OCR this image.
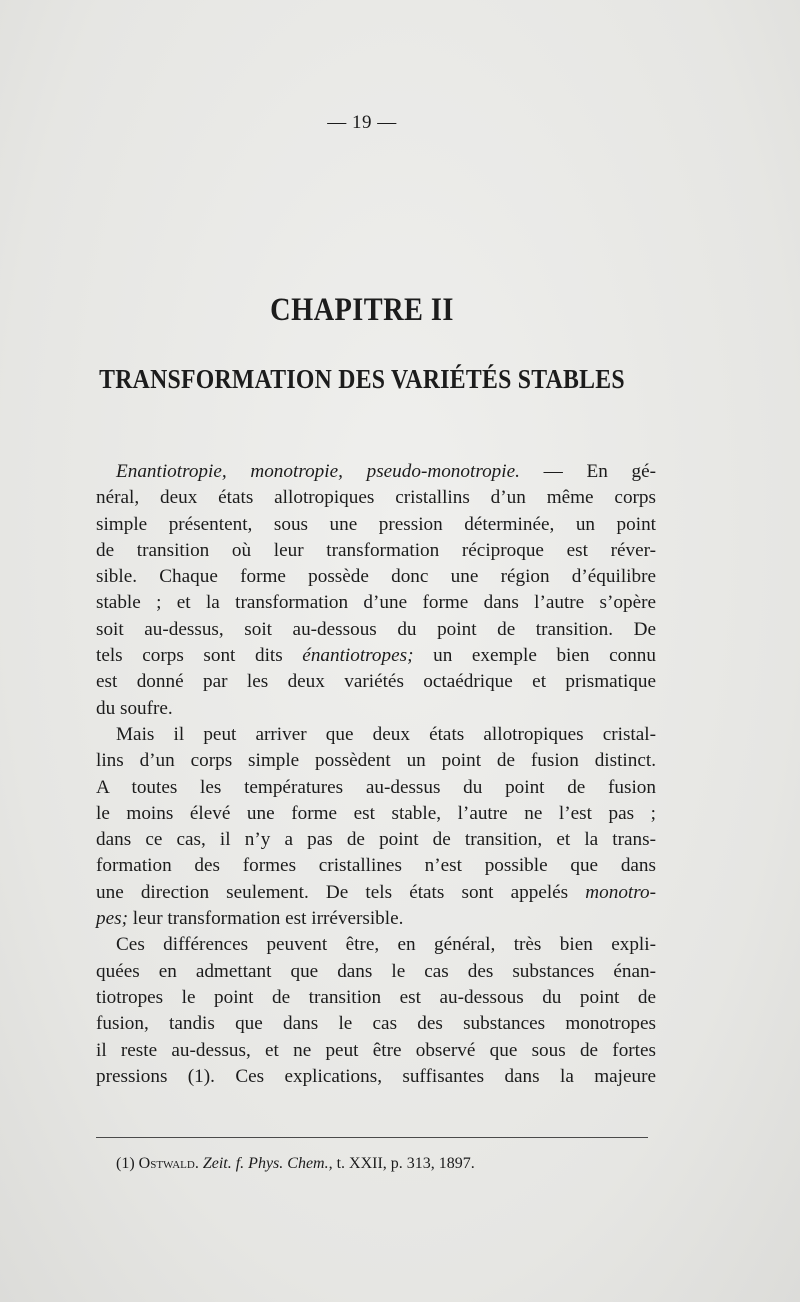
— 19 —
CHAPITRE II
TRANSFORMATION DES VARIÉTÉS STABLES
Enantiotropie, monotropie, pseudo-monotropie. — En gé-
néral, deux états allotropiques cristallins d’un même corps
simple présentent, sous une pression déterminée, un point
de transition où leur transformation réciproque est réver-
sible. Chaque forme possède donc une région d’équilibre
stable ; et la transformation d’une forme dans l’autre s’opère
soit au-dessus, soit au-dessous du point de transition. De
tels corps sont dits énantiotropes; un exemple bien connu
est donné par les deux variétés octaédrique et prismatique
du soufre.
Mais il peut arriver que deux états allotropiques cristal-
lins d’un corps simple possèdent un point de fusion distinct.
A toutes les températures au-dessus du point de fusion
le moins élevé une forme est stable, l’autre ne l’est pas ;
dans ce cas, il n’y a pas de point de transition, et la trans-
formation des formes cristallines n’est possible que dans
une direction seulement. De tels états sont appelés monotro-
pes; leur transformation est irréversible.
Ces différences peuvent être, en général, très bien expli-
quées en admettant que dans le cas des substances énan-
tiotropes le point de transition est au-dessous du point de
fusion, tandis que dans le cas des substances monotropes
il reste au-dessus, et ne peut être observé que sous de fortes
pressions (1). Ces explications, suffisantes dans la majeure
(1) Ostwald. Zeit. f. Phys. Chem., t. XXII, p. 313, 1897.
